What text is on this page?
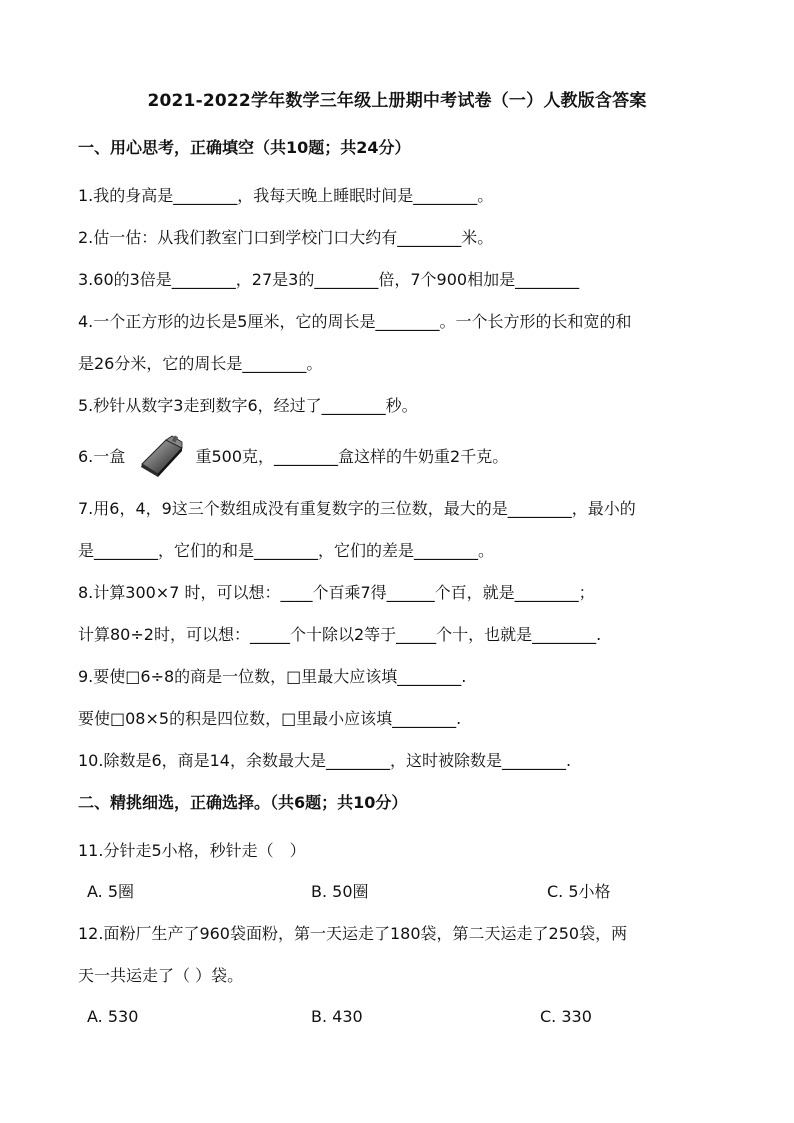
2021-2022学年数学三年级上册期中考试卷（一）人教版含答案
一、用心思考，正确填空（共10题；共24分）
1.我的身高是________，我每天晚上睡眠时间是________。
2.估一估：从我们教室门口到学校门口大约有________米。
3.60的3倍是________，27是3的________倍，7个900相加是________
4.一个正方形的边长是5厘米，它的周长是________。一个长方形的长和宽的和
是26分米，它的周长是________。
5.秒针从数字3走到数字6，经过了________秒。
6.一盒	重500克，________盒这样的牛奶重2千克。
7.用6，4，9这三个数组成没有重复数字的三位数，最大的是________，最小的
是________，它们的和是________，它们的差是________。
8.计算300×7 时，可以想：____个百乘7得______个百，就是________；
计算80÷2时，可以想：_____个十除以2等于_____个十，也就是________.
9.要使□6÷8的商是一位数，□里最大应该填________.
要使□08×5的积是四位数，□里最小应该填________.
10.除数是6，商是14，余数最大是________，这时被除数是________.
二、精挑细选，正确选择。（共6题；共10分）
11.分针走5小格，秒针走（　）
A. 5圈	B. 50圈	C. 5小格
12.面粉厂生产了960袋面粉，第一天运走了180袋，第二天运走了250袋，两
天一共运走了（ ）袋。
A. 530	B. 430	C. 330
